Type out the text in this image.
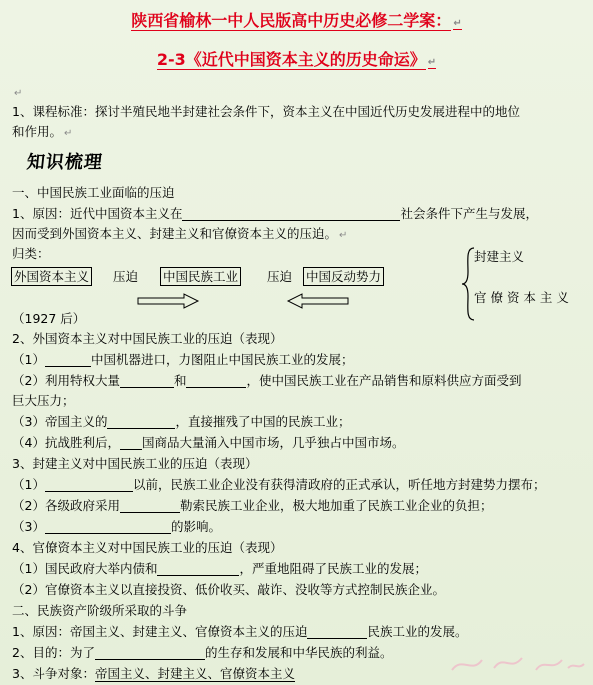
陕西省榆林一中人民版高中历史必修二学案： ↵
2-3《近代中国资本主义的历史命运》 ↵
↵
1、课程标准：探讨半殖民地半封建社会条件下，资本主义在中国近代历史发展进程中的地位
和作用。 ↵
知识梳理
一、中国民族工业面临的压迫
1、原因：近代中国资本主义在	社会条件下产生与发展，
因而受到外国资本主义、封建主义和官僚资本主义的压迫。 ↵
归类：
外国资本主义 压迫 中国民族工业 压迫 中国反动势力
封建主义
官 僚 资 本 主 义
（1927 后）
2、外国资本主义对中国民族工业的压迫（表现）
（1）	中国机器进口，力图阻止中国民族工业的发展；
（2）利用特权大量	和	，使中国民族工业在产品销售和原料供应方面受到
巨大压力；
（3）帝国主义的	，直接摧残了中国的民族工业；
（4）抗战胜利后， 国商品大量涌入中国市场，几乎独占中国市场。
3、封建主义对中国民族工业的压迫（表现）
（1）	以前，民族工业企业没有获得清政府的正式承认，听任地方封建势力摆布；
（2）各级政府采用	勒索民族工业企业，极大地加重了民族工业企业的负担；
（3）	的影响。
4、官僚资本主义对中国民族工业的压迫（表现）
（1）国民政府大举内债和	，严重地阻碍了民族工业的发展；
（2）官僚资本主义以直接投资、低价收买、敲诈、没收等方式控制民族企业。
二、民族资产阶级所采取的斗争
1、原因：帝国主义、封建主义、官僚资本主义的压迫	民族工业的发展。
2、目的：为了	的生存和发展和中华民族的利益。
3、斗争对象：帝国主义、封建主义、官僚资本主义
